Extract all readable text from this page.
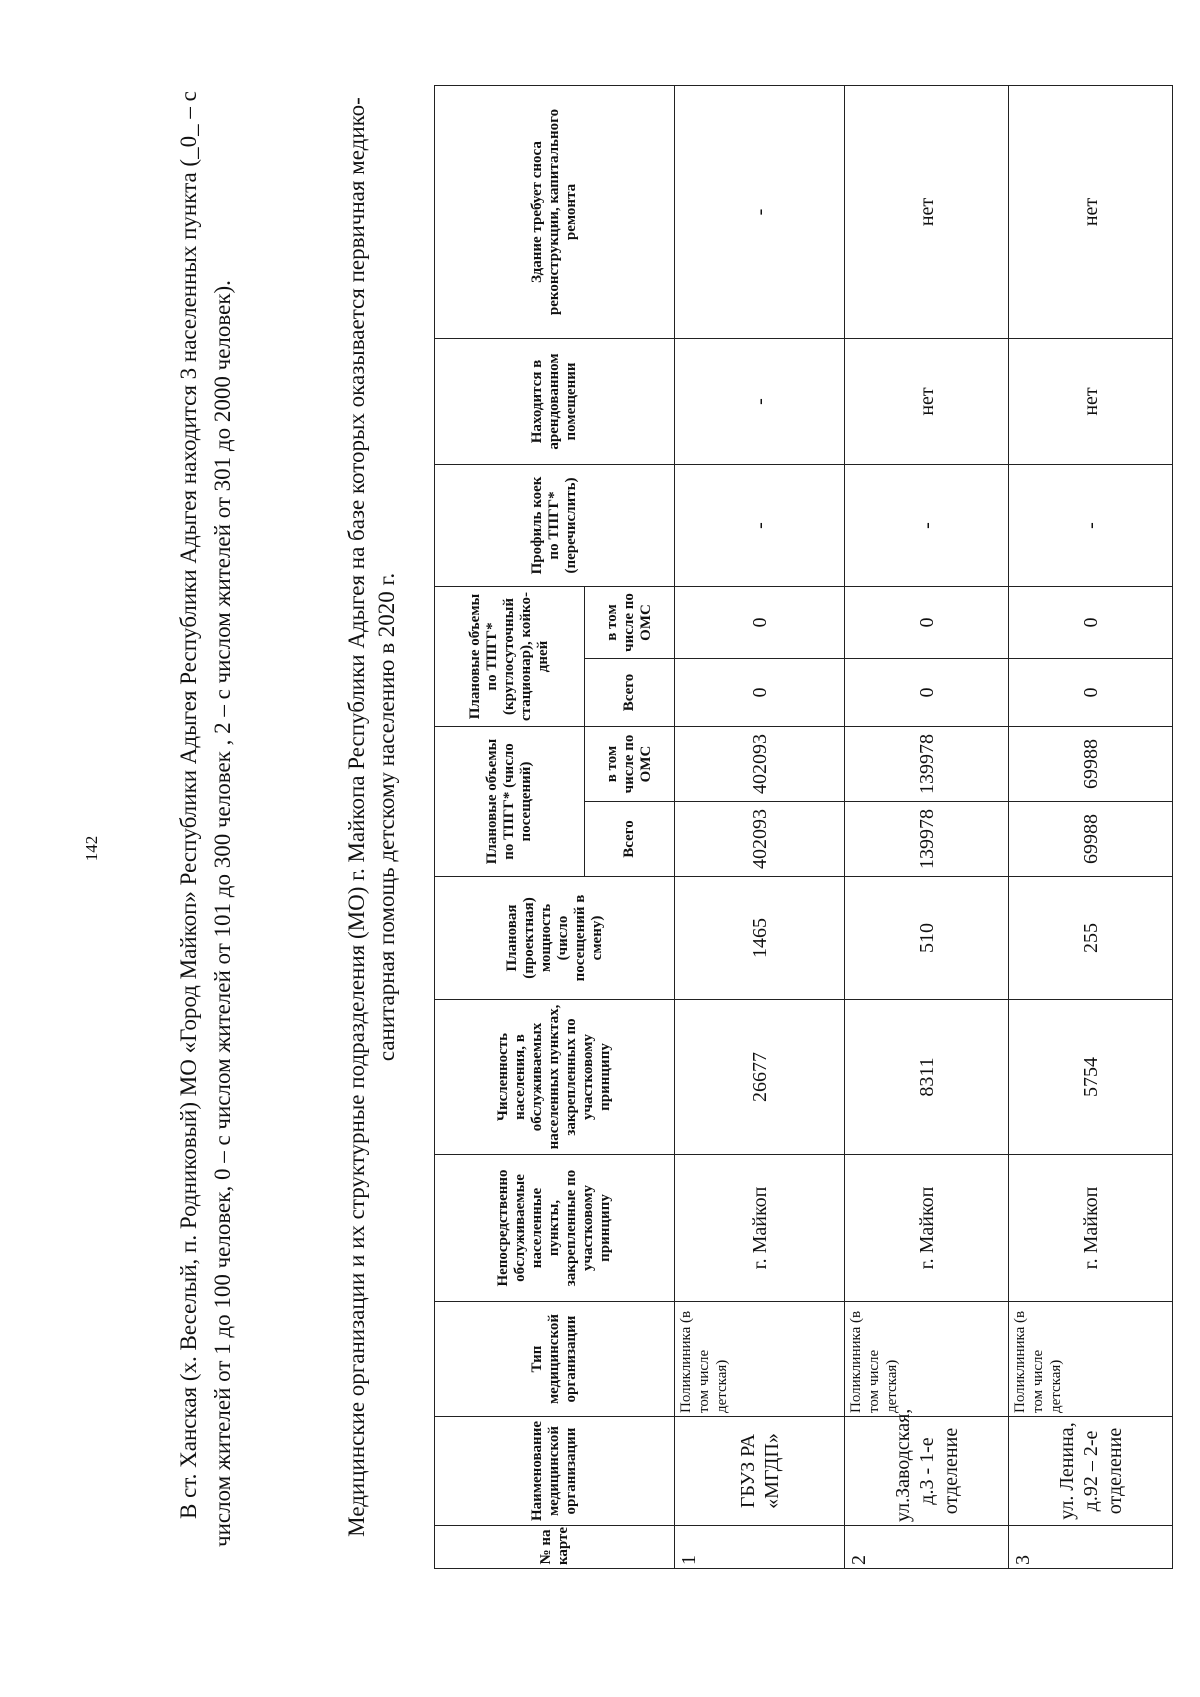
142	В ст. Ханская (х. Веселый, п. Родниковый) МО «Город Майкоп» Республики Адыгея Республики Адыгея находится 3 населенных пункта (_0_ – с числом жителей от 1 до 100 человек, 0 – с числом жителей от 101 до 300 человек , 2 – с числом жителей от 301 до 2000 человек).	Медицинские организации и их структурные подразделения (МО) г. Майкопа Республики Адыгея на базе которых оказывается первичная медико-санитарная помощь детскому населению в 2020 г.

№ на карте	Наименование медицинской организации	Тип медицинской организации	Непосредственно обслуживаемые населенные пункты, закрепленные по участковому принципу	Численность населения, в обслуживаемых населенных пунктах, закрепленных по участковому принципу	Плановая (проектная) мощность (число посещений в смену)	Плановые объемы по ТПГГ* (число посещений)		Плановые объемы по ТПГГ* (круглосуточный стационар), койко-дней		Профиль коек по ТПГГ* (перечислить)	Находится в арендованном помещении	Здание требует сноса реконструкции, капитального ремонта
						Всего	в том числе по ОМС	Всего	в том числе по ОМС			
1	ГБУЗ РА «МГДП»	Поликлиника (в том числе детская)	г. Майкоп	26677	1465	402093	402093	0	0	-	-	-
2	ул.Заводская, д.3 - 1-е отделение	Поликлиника (в том числе детская)	г. Майкоп	8311	510	139978	139978	0	0	-	нет	нет
3	ул. Ленина, д.92 – 2-е отделение	Поликлиника (в том числе детская)	г. Майкоп	5754	255	69988	69988	0	0	-	нет	нет
